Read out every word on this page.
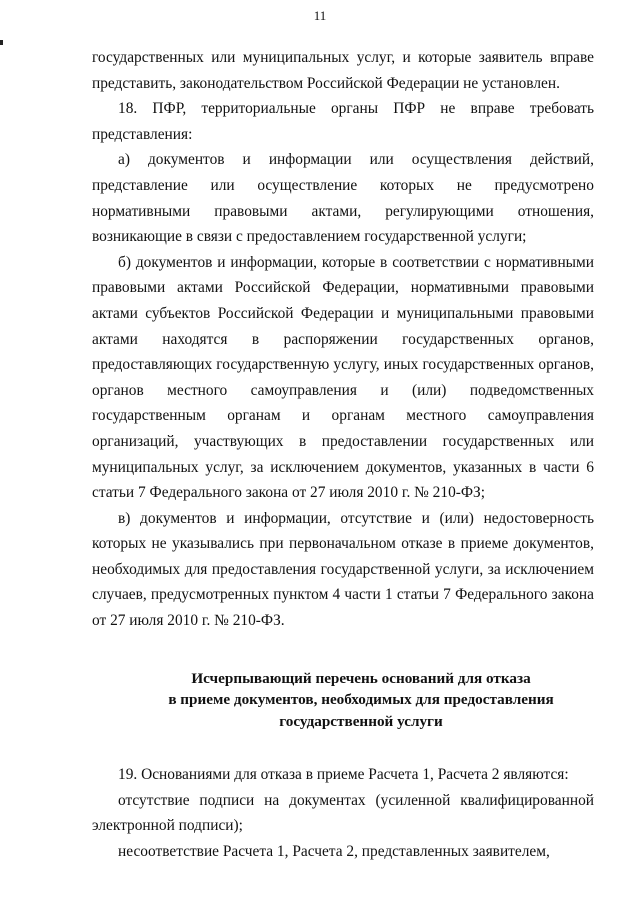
11

государственных или муниципальных услуг, и которые заявитель вправе представить, законодательством Российской Федерации не установлен.

18. ПФР, территориальные органы ПФР не вправе требовать представления:

а) документов и информации или осуществления действий, представление или осуществление которых не предусмотрено нормативными правовыми актами, регулирующими отношения, возникающие в связи с предоставлением государственной услуги;

б) документов и информации, которые в соответствии с нормативными правовыми актами Российской Федерации, нормативными правовыми актами субъектов Российской Федерации и муниципальными правовыми актами находятся в распоряжении государственных органов, предоставляющих государственную услугу, иных государственных органов, органов местного самоуправления и (или) подведомственных государственным органам и органам местного самоуправления организаций, участвующих в предоставлении государственных или муниципальных услуг, за исключением документов, указанных в части 6 статьи 7 Федерального закона от 27 июля 2010 г. № 210-ФЗ;

в) документов и информации, отсутствие и (или) недостоверность которых не указывались при первоначальном отказе в приеме документов, необходимых для предоставления государственной услуги, за исключением случаев, предусмотренных пунктом 4 части 1 статьи 7 Федерального закона от 27 июля 2010 г. № 210-ФЗ.

Исчерпывающий перечень оснований для отказа
в приеме документов, необходимых для предоставления
государственной услуги

19. Основаниями для отказа в приеме Расчета 1, Расчета 2 являются:

отсутствие подписи на документах (усиленной квалифицированной электронной подписи);

несоответствие Расчета 1, Расчета 2, представленных заявителем,
